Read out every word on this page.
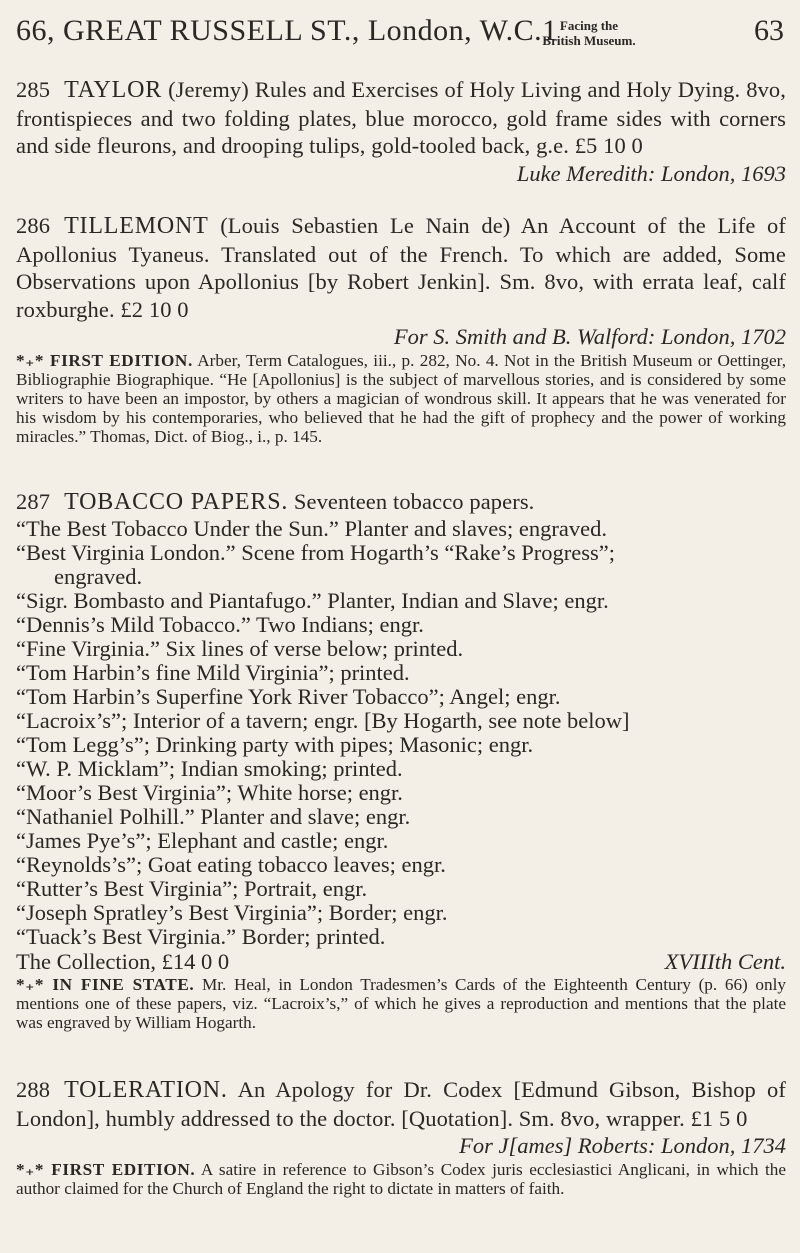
66, GREAT RUSSELL ST., London, W.C.1 Facing the
British Museum.	63

285 TAYLOR (Jeremy) Rules and Exercises of Holy Living and Holy Dying. 8vo, frontispieces and two folding plates, blue morocco, gold frame sides with corners and side fleurons, and drooping tulips, gold-tooled back, g.e. £5 10 0

Luke Meredith: London, 1693

286 TILLEMONT (Louis Sebastien Le Nain de) An Account of the Life of Apollonius Tyaneus. Translated out of the French. To which are added, Some Observations upon Apollonius [by Robert Jenkin]. Sm. 8vo, with errata leaf, calf roxburghe. £2 10 0

For S. Smith and B. Walford: London, 1702

*₊* FIRST EDITION. Arber, Term Catalogues, iii., p. 282, No. 4. Not in the British Museum or Oettinger, Bibliographie Biographique. “He [Apollonius] is the subject of marvellous stories, and is considered by some writers to have been an impostor, by others a magician of wondrous skill. It appears that he was venerated for his wisdom by his contemporaries, who believed that he had the gift of prophecy and the power of working miracles.” Thomas, Dict. of Biog., i., p. 145.

287 TOBACCO PAPERS. Seventeen tobacco papers.

“The Best Tobacco Under the Sun.” Planter and slaves; engraved.
“Best Virginia London.” Scene from Hogarth’s “Rake’s Progress”;
engraved.
“Sigr. Bombasto and Piantafugo.” Planter, Indian and Slave; engr.
“Dennis’s Mild Tobacco.” Two Indians; engr.
“Fine Virginia.” Six lines of verse below; printed.
“Tom Harbin’s fine Mild Virginia”; printed.
“Tom Harbin’s Superfine York River Tobacco”; Angel; engr.
“Lacroix’s”; Interior of a tavern; engr. [By Hogarth, see note below]
“Tom Legg’s”; Drinking party with pipes; Masonic; engr.
“W. P. Micklam”; Indian smoking; printed.
“Moor’s Best Virginia”; White horse; engr.
“Nathaniel Polhill.” Planter and slave; engr.
“James Pye’s”; Elephant and castle; engr.
“Reynolds’s”; Goat eating tobacco leaves; engr.
“Rutter’s Best Virginia”; Portrait, engr.
“Joseph Spratley’s Best Virginia”; Border; engr.
“Tuack’s Best Virginia.” Border; printed.
The Collection, £14 0 0	XVIIIth Cent.

*₊* IN FINE STATE. Mr. Heal, in London Tradesmen’s Cards of the Eighteenth Century (p. 66) only mentions one of these papers, viz. “Lacroix’s,” of which he gives a reproduction and mentions that the plate was engraved by William Hogarth.

288 TOLERATION. An Apology for Dr. Codex [Edmund Gibson, Bishop of London], humbly addressed to the doctor. [Quotation]. Sm. 8vo, wrapper. £1 5 0

For J[ames] Roberts: London, 1734

*₊* FIRST EDITION. A satire in reference to Gibson’s Codex juris ecclesiastici Anglicani, in which the author claimed for the Church of England the right to dictate in matters of faith.
